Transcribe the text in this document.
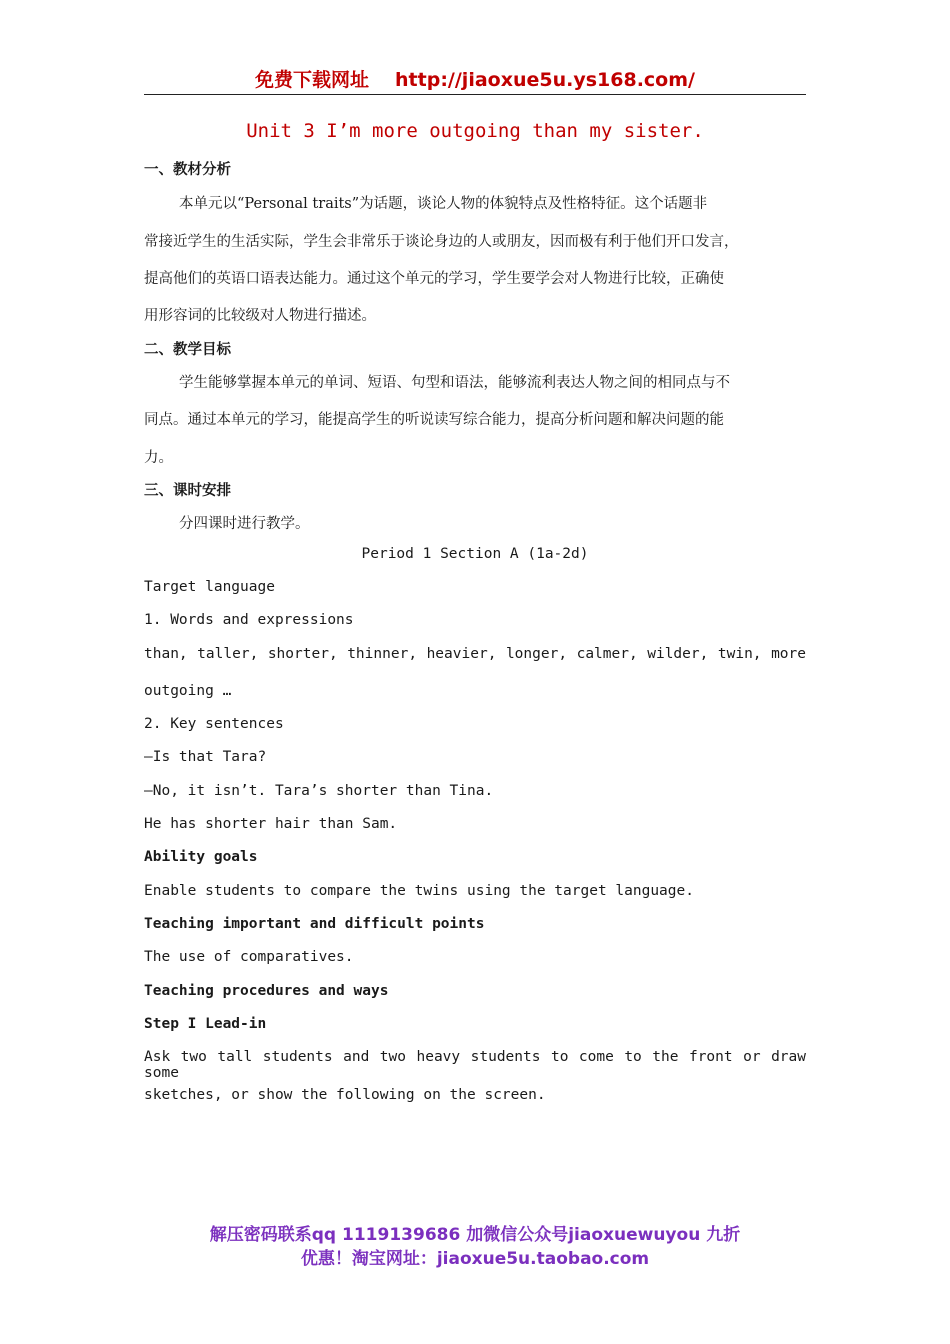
免费下载网址 http://jiaoxue5u.ys168.com/
Unit 3 I’m more outgoing than my sister.
一、教材分析
本单元以“Personal traits”为话题，谈论人物的体貌特点及性格特征。这个话题非
常接近学生的生活实际，学生会非常乐于谈论身边的人或朋友，因而极有利于他们开口发言，
提高他们的英语口语表达能力。通过这个单元的学习，学生要学会对人物进行比较，正确使
用形容词的比较级对人物进行描述。
二、教学目标
学生能够掌握本单元的单词、短语、句型和语法，能够流利表达人物之间的相同点与不
同点。通过本单元的学习，能提高学生的听说读写综合能力，提高分析问题和解决问题的能
力。
三、课时安排
分四课时进行教学。
Period 1 Section A (1a-2d)
Target language
1. Words and expressions
than, taller, shorter, thinner, heavier, longer, calmer, wilder, twin, more
outgoing …
2. Key sentences
—Is that Tara?
—No, it isn’t. Tara’s shorter than Tina.
He has shorter hair than Sam.
Ability goals
Enable students to compare the twins using the target language.
Teaching important and difficult points
The use of comparatives.
Teaching procedures and ways
Step I Lead-in
Ask two tall students and two heavy students to come to the front or draw some
sketches, or show the following on the screen.
解压密码联系qq 1119139686 加微信公众号jiaoxuewuyou 九折
优惠！淘宝网址：jiaoxue5u.taobao.com
